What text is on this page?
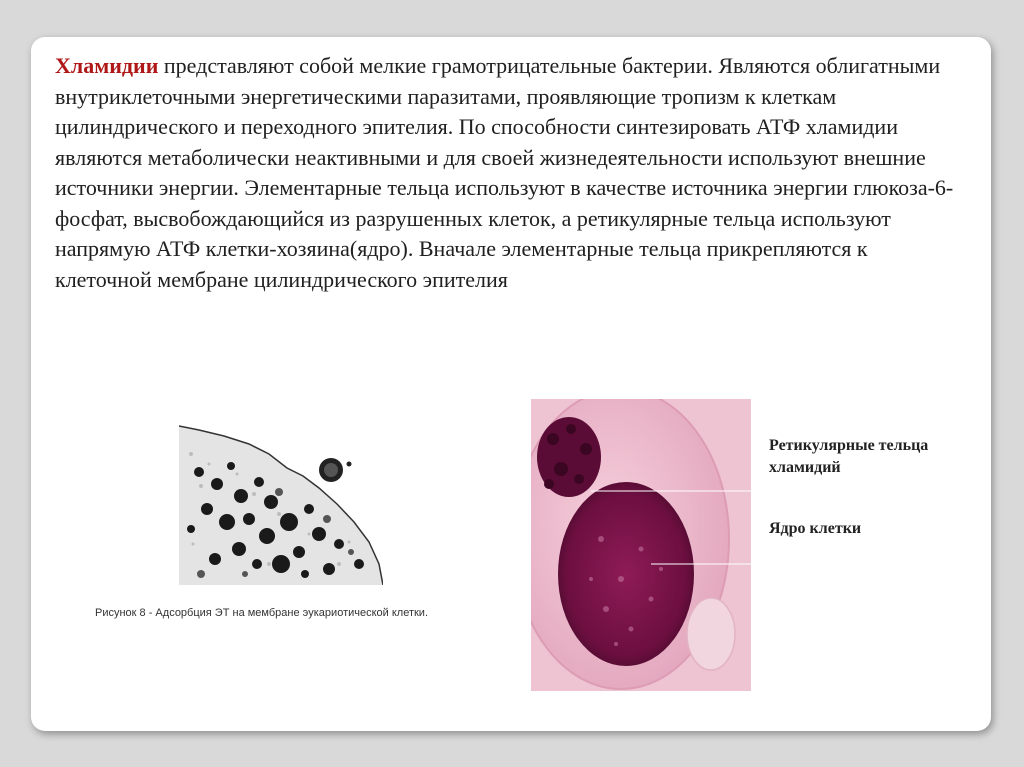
Хламидии представляют собой мелкие грамотрицательные бактерии. Являются облигатными внутриклеточными энергетическими паразитами, проявляющие тропизм к клеткам цилиндрического и переходного эпителия. По способности синтезировать АТФ хламидии являются метаболически неактивными и для своей жизнедеятельности используют внешние источники энергии. Элементарные тельца используют в качестве источника энергии глюкоза-6-фосфат, высвобождающийся из разрушенных клеток, а ретикулярные тельца используют напрямую АТФ клетки-хозяина(ядро). Вначале элементарные тельца прикрепляются к клеточной мембране цилиндрического эпителия
Рисунок 8 - Адсорбция ЭТ на мембране эукариотической клетки.
Ретикулярные тельца хламидий
Ядро клетки
